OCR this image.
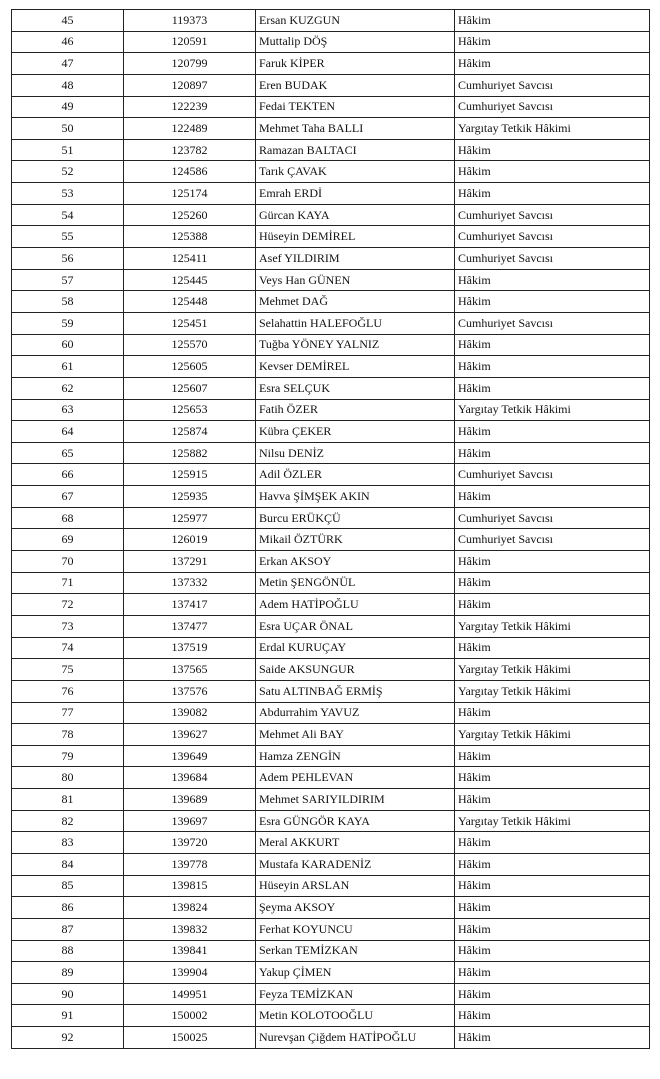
45	119373	Ersan KUZGUN	Hâkim
46	120591	Muttalip DÖŞ	Hâkim
47	120799	Faruk KİPER	Hâkim
48	120897	Eren BUDAK	Cumhuriyet Savcısı
49	122239	Fedai TEKTEN	Cumhuriyet Savcısı
50	122489	Mehmet Taha BALLI	Yargıtay Tetkik Hâkimi
51	123782	Ramazan BALTACI	Hâkim
52	124586	Tarık ÇAVAK	Hâkim
53	125174	Emrah ERDİ	Hâkim
54	125260	Gürcan KAYA	Cumhuriyet Savcısı
55	125388	Hüseyin DEMİREL	Cumhuriyet Savcısı
56	125411	Asef YILDIRIM	Cumhuriyet Savcısı
57	125445	Veys Han GÜNEN	Hâkim
58	125448	Mehmet DAĞ	Hâkim
59	125451	Selahattin HALEFOĞLU	Cumhuriyet Savcısı
60	125570	Tuğba YÖNEY YALNIZ	Hâkim
61	125605	Kevser DEMİREL	Hâkim
62	125607	Esra SELÇUK	Hâkim
63	125653	Fatih ÖZER	Yargıtay Tetkik Hâkimi
64	125874	Kübra ÇEKER	Hâkim
65	125882	Nilsu DENİZ	Hâkim
66	125915	Adil ÖZLER	Cumhuriyet Savcısı
67	125935	Havva ŞİMŞEK AKIN	Hâkim
68	125977	Burcu ERÜKÇÜ	Cumhuriyet Savcısı
69	126019	Mikail ÖZTÜRK	Cumhuriyet Savcısı
70	137291	Erkan AKSOY	Hâkim
71	137332	Metin ŞENGÖNÜL	Hâkim
72	137417	Adem HATİPOĞLU	Hâkim
73	137477	Esra UÇAR ÖNAL	Yargıtay Tetkik Hâkimi
74	137519	Erdal KURUÇAY	Hâkim
75	137565	Saide AKSUNGUR	Yargıtay Tetkik Hâkimi
76	137576	Satu ALTINBAĞ ERMİŞ	Yargıtay Tetkik Hâkimi
77	139082	Abdurrahim YAVUZ	Hâkim
78	139627	Mehmet Ali BAY	Yargıtay Tetkik Hâkimi
79	139649	Hamza ZENGİN	Hâkim
80	139684	Adem PEHLEVAN	Hâkim
81	139689	Mehmet SARIYILDIRIM	Hâkim
82	139697	Esra GÜNGÖR KAYA	Yargıtay Tetkik Hâkimi
83	139720	Meral AKKURT	Hâkim
84	139778	Mustafa KARADENİZ	Hâkim
85	139815	Hüseyin ARSLAN	Hâkim
86	139824	Şeyma AKSOY	Hâkim
87	139832	Ferhat KOYUNCU	Hâkim
88	139841	Serkan TEMİZKAN	Hâkim
89	139904	Yakup ÇİMEN	Hâkim
90	149951	Feyza TEMİZKAN	Hâkim
91	150002	Metin KOLOTOOĞLU	Hâkim
92	150025	Nurevşan Çiğdem HATİPOĞLU	Hâkim
